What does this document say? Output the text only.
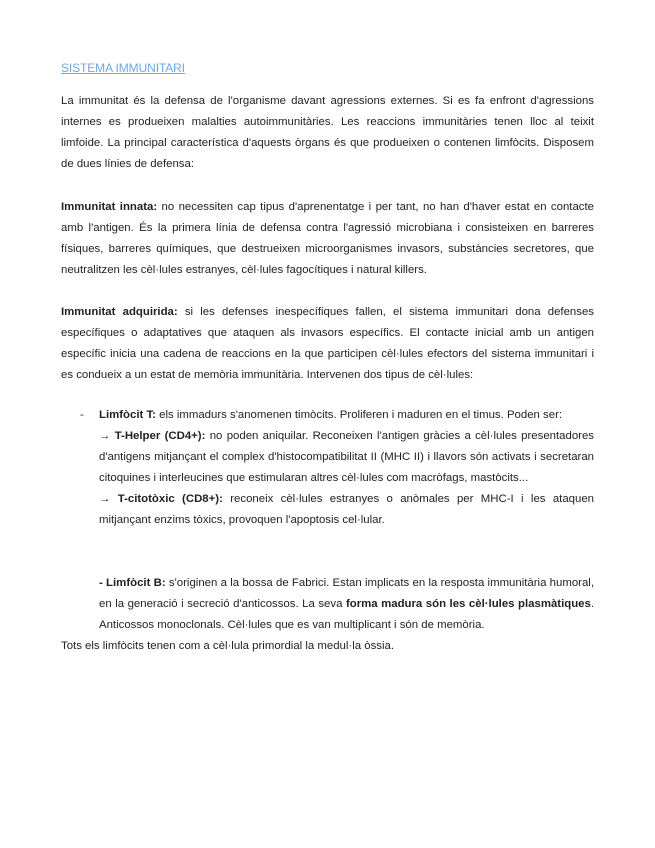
SISTEMA IMMUNITARI

La immunitat és la defensa de l'organisme davant agressions externes. Si es fa enfront d'agressions internes es produeixen malalties autoimmunitàries. Les reaccions immunitàries tenen lloc al teixit limfoide. La principal característica d'aquests òrgans és que produeixen o contenen limfòcits. Disposem de dues línies de defensa:

Immunitat innata: no necessiten cap tipus d'aprenentatge i per tant, no han d'haver estat en contacte amb l'antigen. És la primera línia de defensa contra l'agressió microbiana i consisteixen en barreres físiques, barreres químiques, que destrueixen microorganismes invasors, substàncies secretores, que neutralitzen les cèl·lules estranyes, cèl·lules fagocítiques i natural killers.

Immunitat adquirida: si les defenses inespecífiques fallen, el sistema immunitari dona defenses específiques o adaptatives que ataquen als invasors específics. El contacte inicial amb un antigen específic inicia una cadena de reaccions en la que participen cèl·lules efectors del sistema immunitari i es condueix a un estat de memòria immunitària. Intervenen dos tipus de cèl·lules:

- Limfòcit T: els immadurs s'anomenen timòcits. Proliferen i maduren en el timus. Poden ser:
→ T-Helper (CD4+): no poden aniquilar. Reconeixen l'antigen gràcies a cèl·lules presentadores d'antigens mitjançant el complex d'histocompatibilitat II (MHC II) i llavors són activats i secretaran citoquines i interleucines que estimularan altres cèl·lules com macròfags, mastòcits...
→ T-citotòxic (CD8+): reconeix cèl·lules estranyes o anòmales per MHC-I i les ataquen mitjançant enzims tòxics, provoquen l'apoptosis cel·lular.
- Limfòcit B: s'originen a la bossa de Fabrici. Estan implicats en la resposta immunitària humoral, en la generació i secreció d'anticossos. La seva forma madura són les cèl·lules plasmàtiques. Anticossos monoclonals. Cèl·lules que es van multiplicant i són de memòria.
Tots els limfòcits tenen com a cèl·lula primordial la medul·la òssia.
